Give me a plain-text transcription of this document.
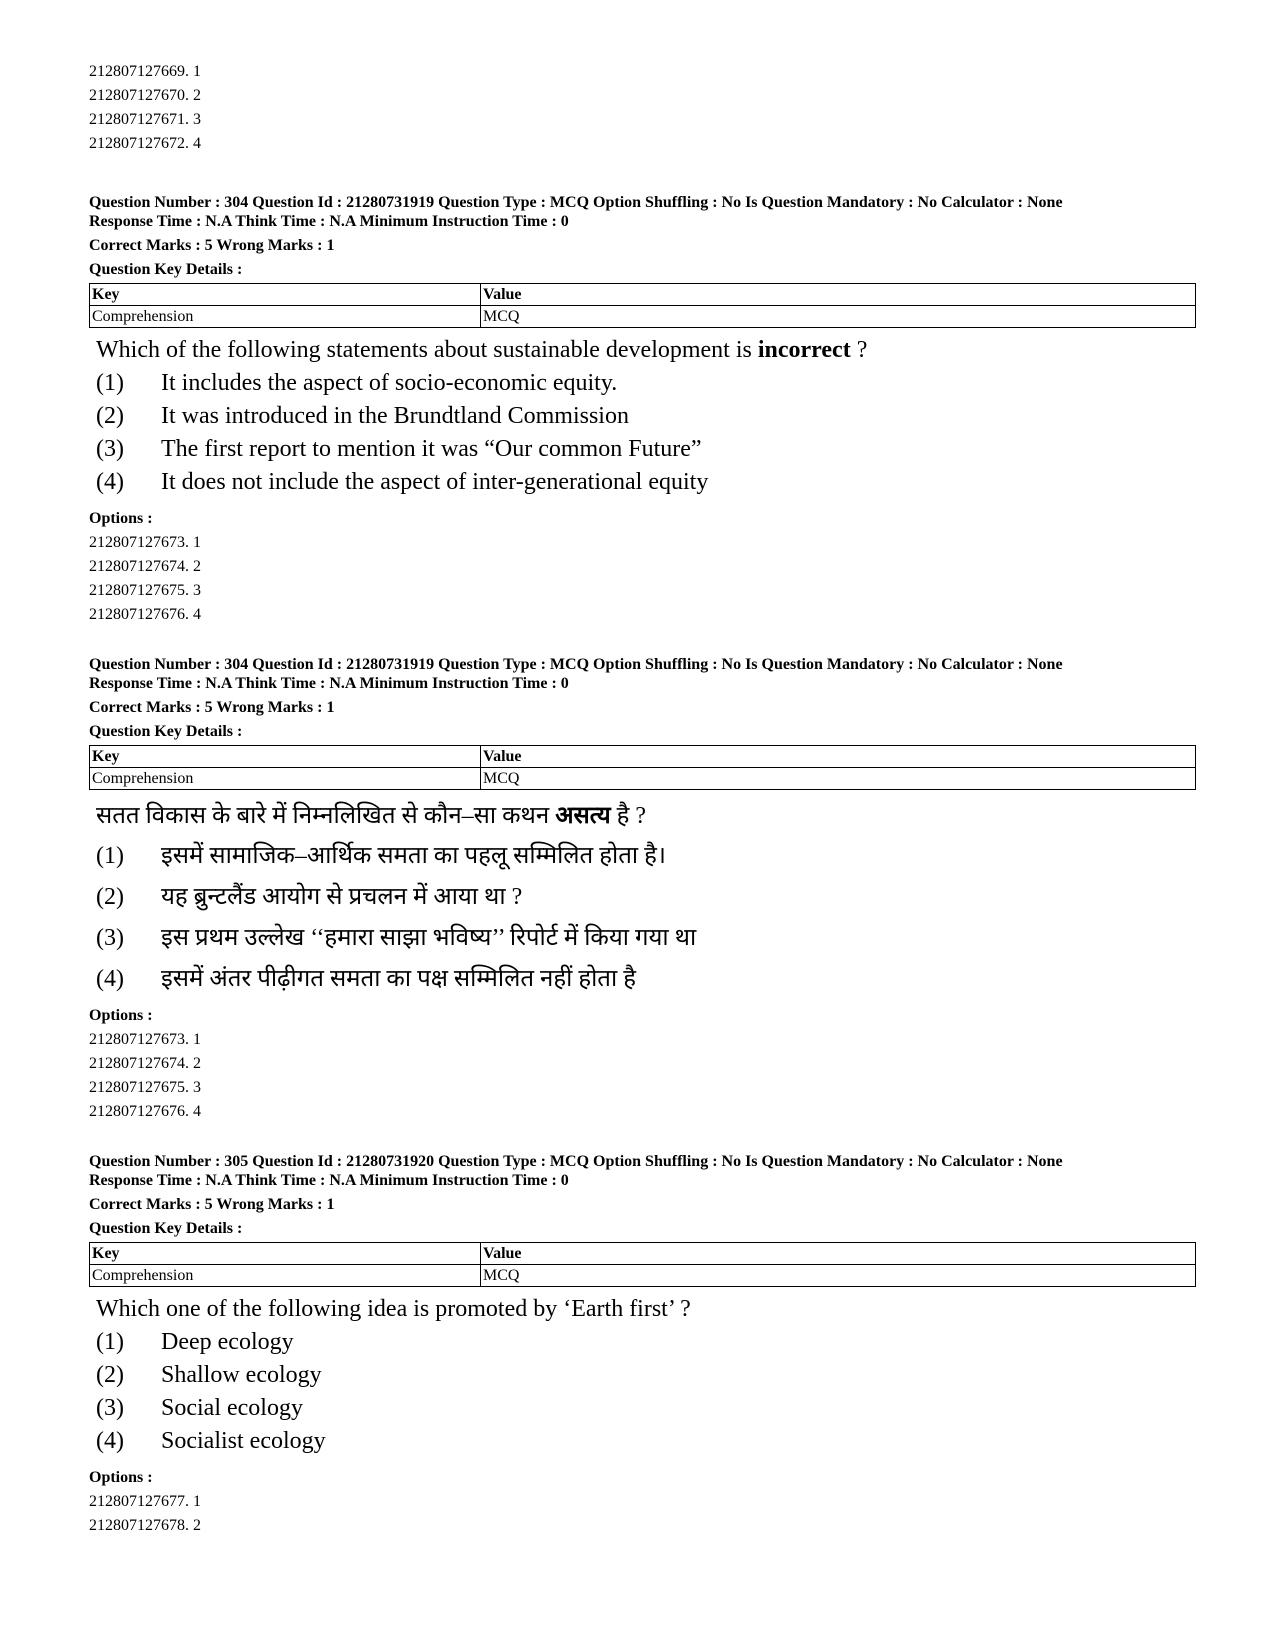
212807127669. 1
212807127670. 2
212807127671. 3
212807127672. 4
Question Number : 304 Question Id : 21280731919 Question Type : MCQ Option Shuffling : No Is Question Mandatory : No Calculator : None
Response Time : N.A Think Time : N.A Minimum Instruction Time : 0
Correct Marks : 5 Wrong Marks : 1
Question Key Details :
Key	Value
Comprehension	MCQ
Which of the following statements about sustainable development is incorrect ?
(1)	It includes the aspect of socio-economic equity.
(2)	It was introduced in the Brundtland Commission
(3)	The first report to mention it was “Our common Future”
(4)	It does not include the aspect of inter-generational equity
Options :
212807127673. 1
212807127674. 2
212807127675. 3
212807127676. 4
Question Number : 304 Question Id : 21280731919 Question Type : MCQ Option Shuffling : No Is Question Mandatory : No Calculator : None
Response Time : N.A Think Time : N.A Minimum Instruction Time : 0
Correct Marks : 5 Wrong Marks : 1
Question Key Details :
Key	Value
Comprehension	MCQ
सतत विकास के बारे में निम्नलिखित से कौन–सा कथन असत्य है ?
(1)	इसमें सामाजिक–आर्थिक समता का पहलू सम्मिलित होता है।
(2)	यह ब्रुन्टलैंड आयोग से प्रचलन में आया था ?
(3)	इस प्रथम उल्लेख ‘‘हमारा साझा भविष्य’’ रिपोर्ट में किया गया था
(4)	इसमें अंतर पीढ़ीगत समता का पक्ष सम्मिलित नहीं होता है
Options :
212807127673. 1
212807127674. 2
212807127675. 3
212807127676. 4
Question Number : 305 Question Id : 21280731920 Question Type : MCQ Option Shuffling : No Is Question Mandatory : No Calculator : None
Response Time : N.A Think Time : N.A Minimum Instruction Time : 0
Correct Marks : 5 Wrong Marks : 1
Question Key Details :
Key	Value
Comprehension	MCQ
Which one of the following idea is promoted by ‘Earth first’ ?
(1)	Deep ecology
(2)	Shallow ecology
(3)	Social ecology
(4)	Socialist ecology
Options :
212807127677. 1
212807127678. 2
